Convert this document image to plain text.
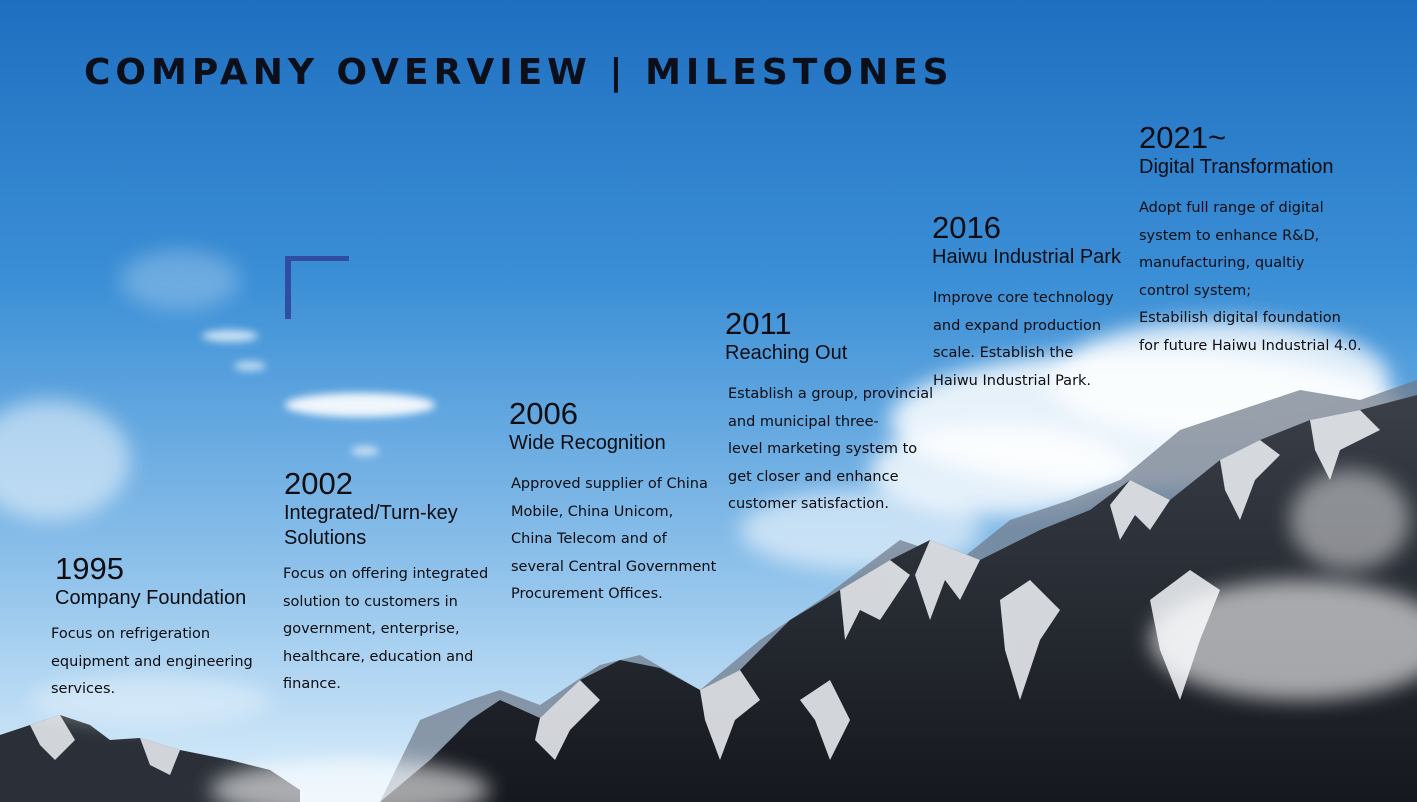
COMPANY OVERVIEW | MILESTONES
1995
Company Foundation
Focus on refrigeration
equipment and engineering
services.
2002
Integrated/Turn-key
Solutions
Focus on offering integrated
solution to customers in
government, enterprise,
healthcare, education and
finance.
2006
Wide Recognition
Approved supplier of China
Mobile, China Unicom,
China Telecom and of
several Central Government
Procurement Offices.
2011
Reaching Out
Establish a group, provincial
and municipal three-
level marketing system to
get closer and enhance
customer satisfaction.
2016
Haiwu Industrial Park
Improve core technology
and expand production
scale. Establish the
Haiwu Industrial Park.
2021~
Digital Transformation
Adopt full range of digital
system to enhance R&D,
manufacturing, qualtiy
control system;
Estabilish digital foundation
for future Haiwu Industrial 4.0.
